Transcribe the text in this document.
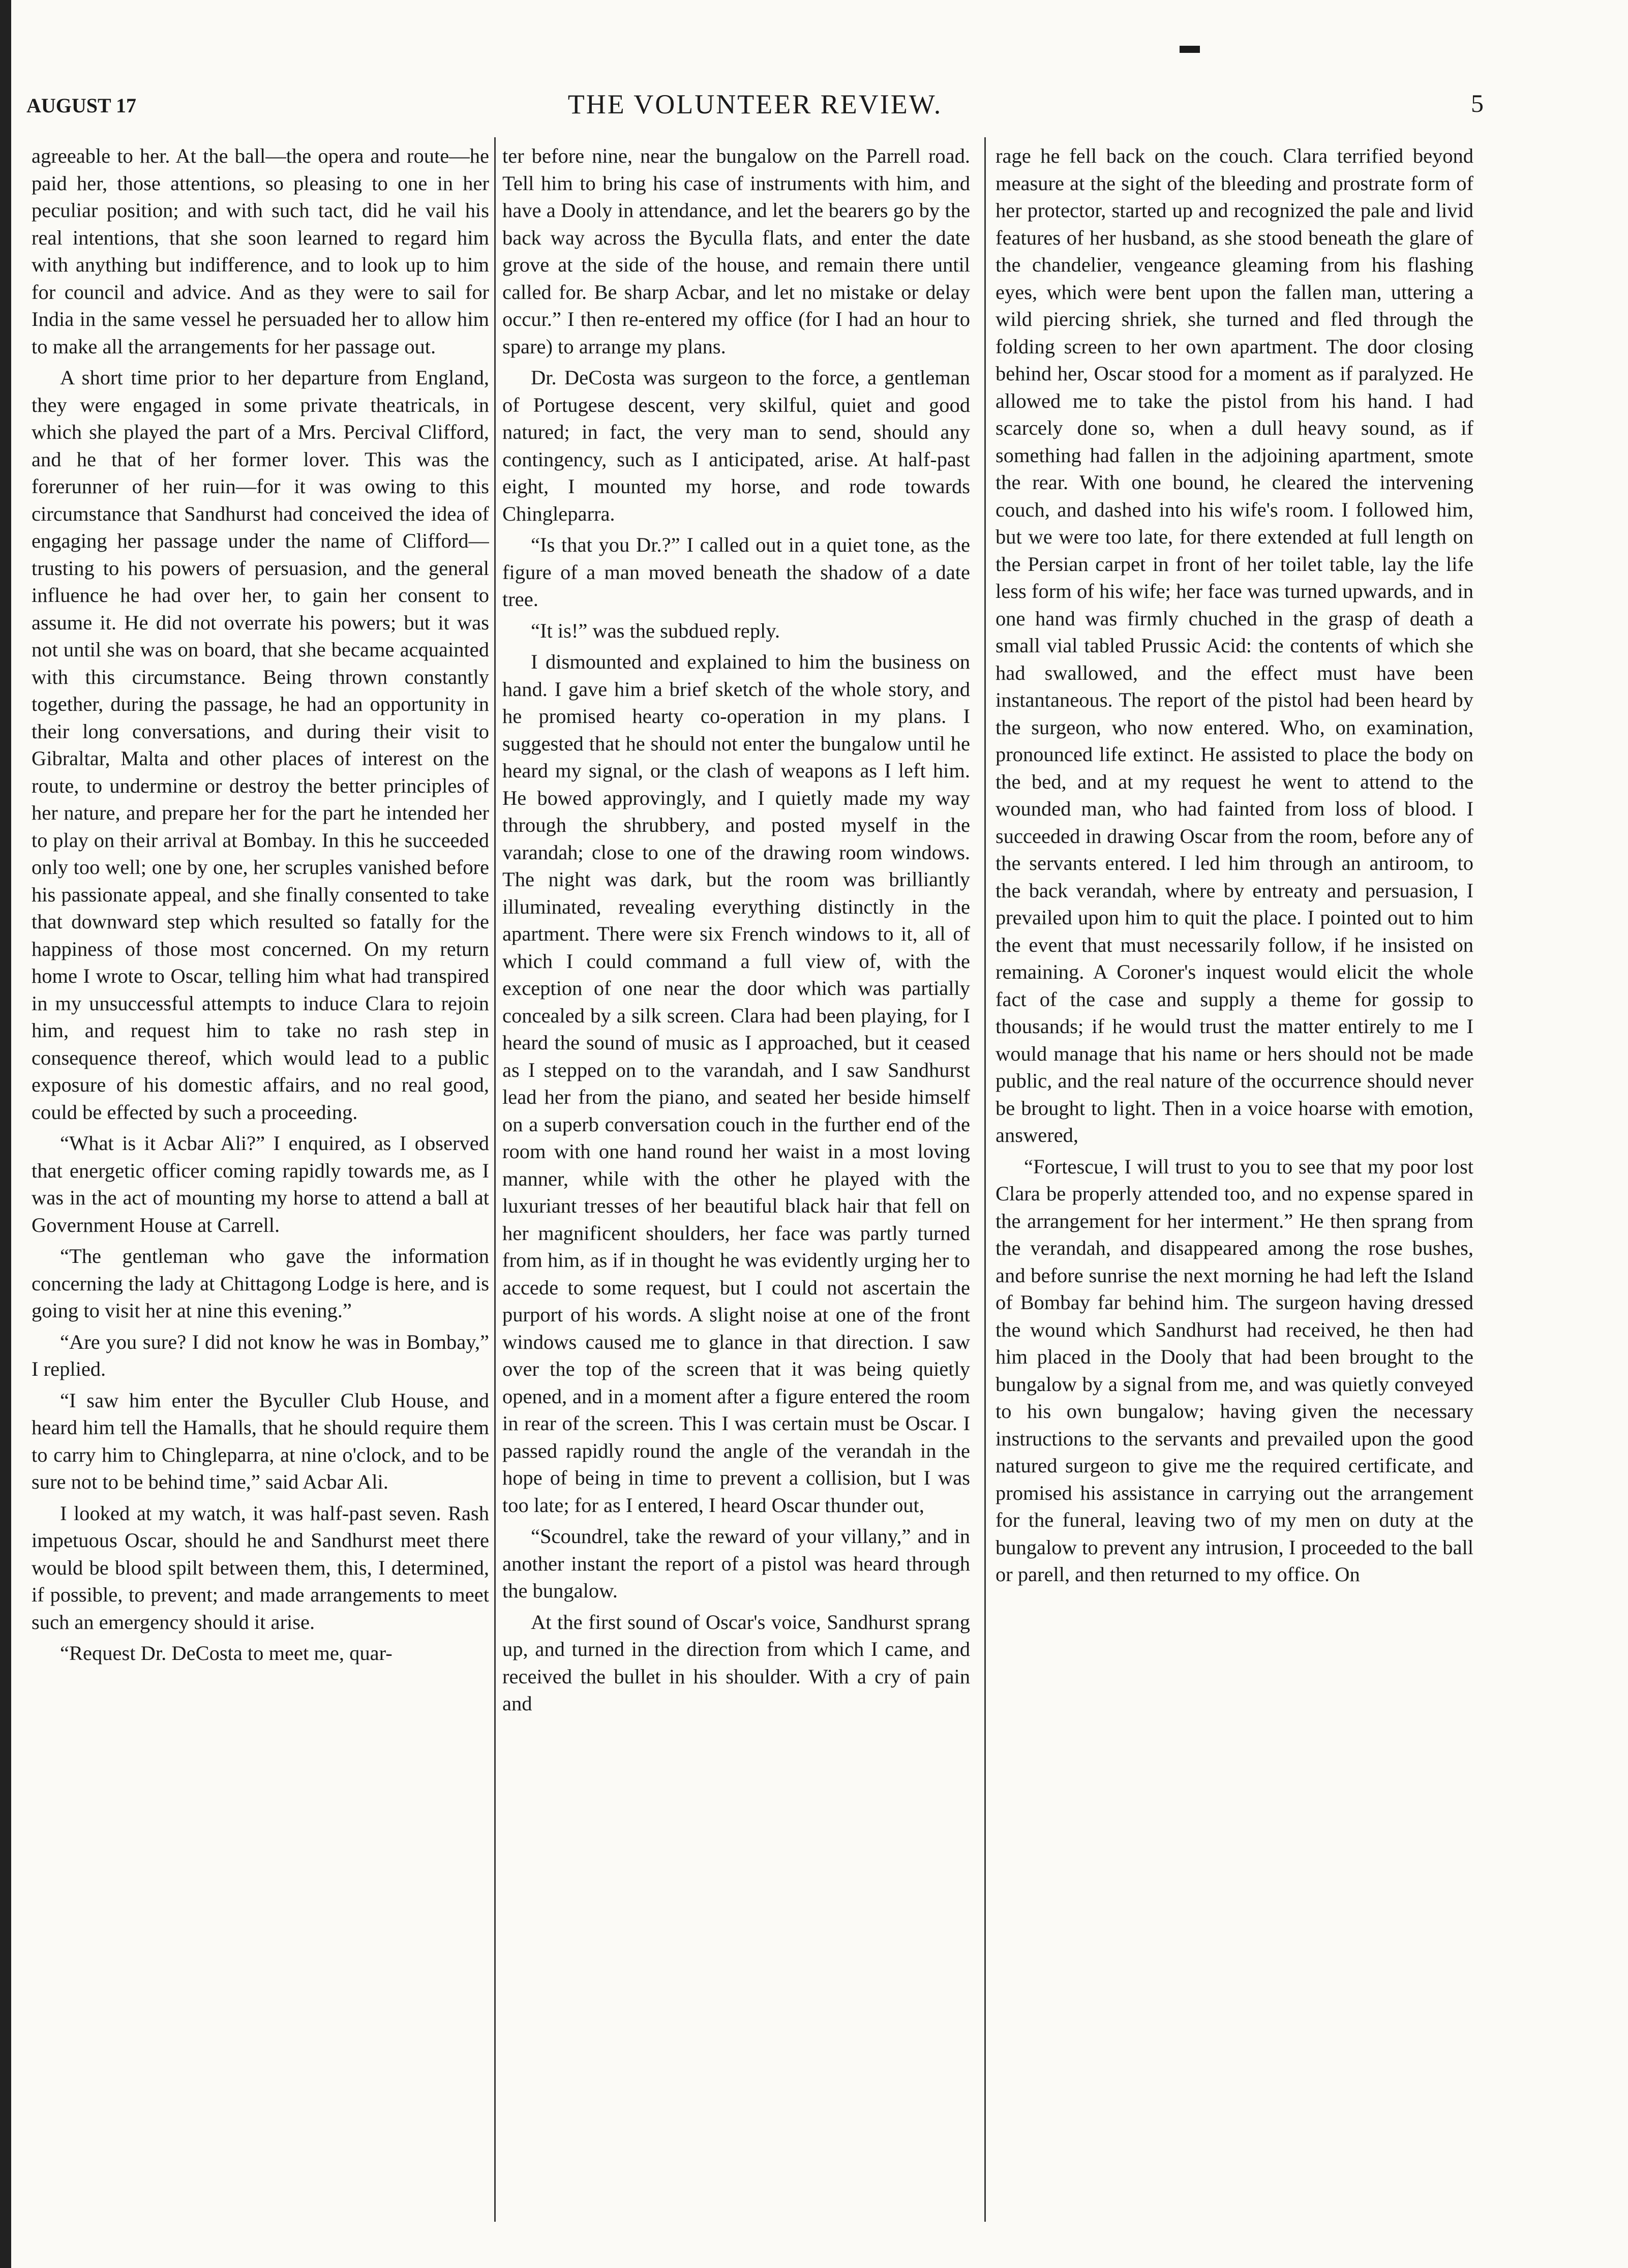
AUGUST 17	THE VOLUNTEER REVIEW.	5

agreeable to her. At the ball—the opera and route—he paid her, those attentions, so pleasing to one in her peculiar position; and with such tact, did he vail his real intentions, that she soon learned to regard him with anything but indifference, and to look up to him for council and advice. And as they were to sail for India in the same vessel he persuaded her to allow him to make all the arrangements for her passage out.

A short time prior to her departure from England, they were engaged in some private theatricals, in which she played the part of a Mrs. Percival Clifford, and he that of her former lover. This was the forerunner of her ruin—for it was owing to this circumstance that Sandhurst had conceived the idea of engaging her passage under the name of Clifford—trusting to his powers of persuasion, and the general influence he had over her, to gain her consent to assume it. He did not overrate his powers; but it was not until she was on board, that she became acquainted with this circumstance. Being thrown constantly together, during the passage, he had an opportunity in their long conversations, and during their visit to Gibraltar, Malta and other places of interest on the route, to undermine or destroy the better principles of her nature, and prepare her for the part he intended her to play on their arrival at Bombay. In this he succeeded only too well; one by one, her scruples vanished before his passionate appeal, and she finally consented to take that downward step which resulted so fatally for the happiness of those most concerned. On my return home I wrote to Oscar, telling him what had transpired in my unsuccessful attempts to induce Clara to rejoin him, and request him to take no rash step in consequence thereof, which would lead to a public exposure of his domestic affairs, and no real good, could be effected by such a proceeding.

“What is it Acbar Ali?” I enquired, as I observed that energetic officer coming rapidly towards me, as I was in the act of mounting my horse to attend a ball at Government House at Carrell.

“The gentleman who gave the information concerning the lady at Chittagong Lodge is here, and is going to visit her at nine this evening.”

“Are you sure? I did not know he was in Bombay,” I replied.

“I saw him enter the Byculler Club House, and heard him tell the Hamalls, that he should require them to carry him to Chingleparra, at nine o'clock, and to be sure not to be behind time,” said Acbar Ali.

I looked at my watch, it was half-past seven. Rash impetuous Oscar, should he and Sandhurst meet there would be blood spilt between them, this, I determined, if possible, to prevent; and made arrangements to meet such an emergency should it arise.

“Request Dr. DeCosta to meet me, quar-

ter before nine, near the bungalow on the Parrell road. Tell him to bring his case of instruments with him, and have a Dooly in attendance, and let the bearers go by the back way across the Byculla flats, and enter the date grove at the side of the house, and remain there until called for. Be sharp Acbar, and let no mistake or delay occur.” I then re-entered my office (for I had an hour to spare) to arrange my plans.

Dr. DeCosta was surgeon to the force, a gentleman of Portugese descent, very skilful, quiet and good natured; in fact, the very man to send, should any contingency, such as I anticipated, arise. At half-past eight, I mounted my horse, and rode towards Chingleparra.

“Is that you Dr.?” I called out in a quiet tone, as the figure of a man moved beneath the shadow of a date tree.

“It is!” was the subdued reply.

I dismounted and explained to him the business on hand. I gave him a brief sketch of the whole story, and he promised hearty co-operation in my plans. I suggested that he should not enter the bungalow until he heard my signal, or the clash of weapons as I left him. He bowed approvingly, and I quietly made my way through the shrubbery, and posted myself in the varandah; close to one of the drawing room windows. The night was dark, but the room was brilliantly illuminated, revealing everything distinctly in the apartment. There were six French windows to it, all of which I could command a full view of, with the exception of one near the door which was partially concealed by a silk screen. Clara had been playing, for I heard the sound of music as I approached, but it ceased as I stepped on to the varandah, and I saw Sandhurst lead her from the piano, and seated her beside himself on a superb conversation couch in the further end of the room with one hand round her waist in a most loving manner, while with the other he played with the luxuriant tresses of her beautiful black hair that fell on her magnificent shoulders, her face was partly turned from him, as if in thought he was evidently urging her to accede to some request, but I could not ascertain the purport of his words. A slight noise at one of the front windows caused me to glance in that direction. I saw over the top of the screen that it was being quietly opened, and in a moment after a figure entered the room in rear of the screen. This I was certain must be Oscar. I passed rapidly round the angle of the verandah in the hope of being in time to prevent a collision, but I was too late; for as I entered, I heard Oscar thunder out,

“Scoundrel, take the reward of your villany,” and in another instant the report of a pistol was heard through the bungalow.

At the first sound of Oscar's voice, Sandhurst sprang up, and turned in the direction from which I came, and received the bullet in his shoulder. With a cry of pain and

rage he fell back on the couch. Clara terrified beyond measure at the sight of the bleeding and prostrate form of her protector, started up and recognized the pale and livid features of her husband, as she stood beneath the glare of the chandelier, vengeance gleaming from his flashing eyes, which were bent upon the fallen man, uttering a wild piercing shriek, she turned and fled through the folding screen to her own apartment. The door closing behind her, Oscar stood for a moment as if paralyzed. He allowed me to take the pistol from his hand. I had scarcely done so, when a dull heavy sound, as if something had fallen in the adjoining apartment, smote the rear. With one bound, he cleared the intervening couch, and dashed into his wife's room. I followed him, but we were too late, for there extended at full length on the Persian carpet in front of her toilet table, lay the life less form of his wife; her face was turned upwards, and in one hand was firmly chuched in the grasp of death a small vial tabled Prussic Acid: the contents of which she had swallowed, and the effect must have been instantaneous. The report of the pistol had been heard by the surgeon, who now entered. Who, on examination, pronounced life extinct. He assisted to place the body on the bed, and at my request he went to attend to the wounded man, who had fainted from loss of blood. I succeeded in drawing Oscar from the room, before any of the servants entered. I led him through an antiroom, to the back verandah, where by entreaty and persuasion, I prevailed upon him to quit the place. I pointed out to him the event that must necessarily follow, if he insisted on remaining. A Coroner's inquest would elicit the whole fact of the case and supply a theme for gossip to thousands; if he would trust the matter entirely to me I would manage that his name or hers should not be made public, and the real nature of the occurrence should never be brought to light. Then in a voice hoarse with emotion, answered,

“Fortescue, I will trust to you to see that my poor lost Clara be properly attended too, and no expense spared in the arrangement for her interment.” He then sprang from the verandah, and disappeared among the rose bushes, and before sunrise the next morning he had left the Island of Bombay far behind him. The surgeon having dressed the wound which Sandhurst had received, he then had him placed in the Dooly that had been brought to the bungalow by a signal from me, and was quietly conveyed to his own bungalow; having given the necessary instructions to the servants and prevailed upon the good natured surgeon to give me the required certificate, and promised his assistance in carrying out the arrangement for the funeral, leaving two of my men on duty at the bungalow to prevent any intrusion, I proceeded to the ball or parell, and then returned to my office. On
